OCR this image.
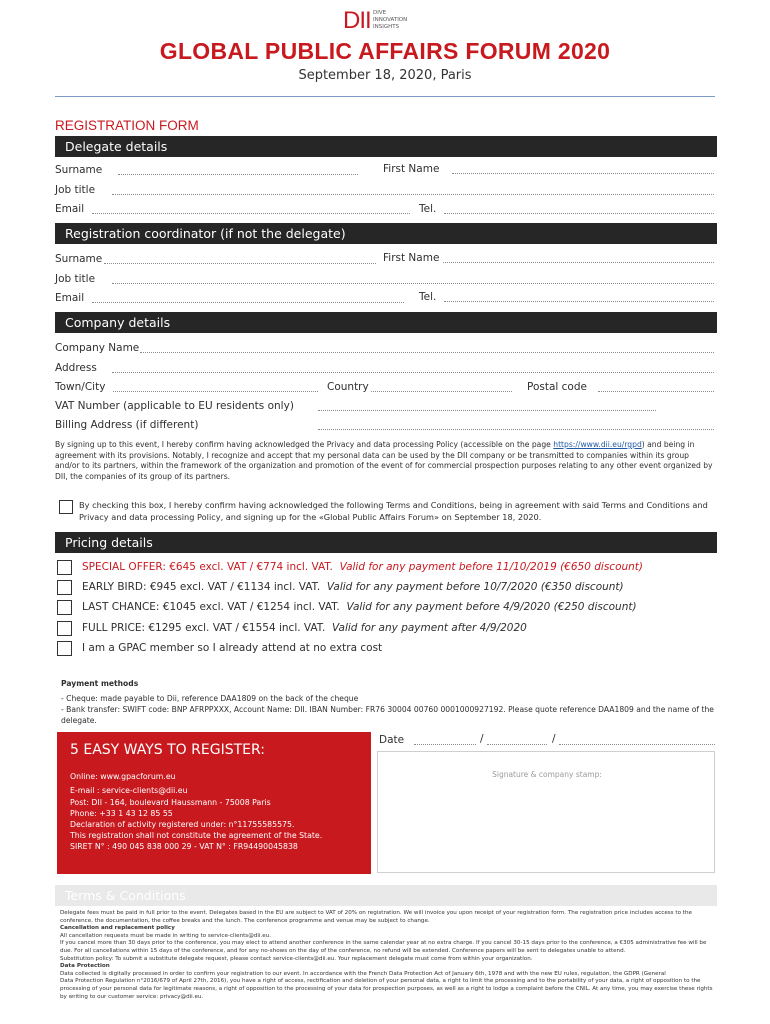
DII DIVE
INNOVATION
INSIGHTS
GLOBAL PUBLIC AFFAIRS FORUM 2020
September 18, 2020, Paris
REGISTRATION FORM
Delegate details
Surname	First Name
Job title
Email	Tel.
Registration coordinator (if not the delegate)
Surname	First Name
Job title
Email	Tel.
Company details
Company Name
Address
Town/City	Country	Postal code
VAT Number (applicable to EU residents only)
Billing Address (if different)
By signing up to this event, I hereby confirm having acknowledged the Privacy and data processing Policy (accessible on the page https://www.dii.eu/rgpd) and being in agreement with its provisions. Notably, I recognize and accept that my personal data can be used by the DII company or be transmitted to companies within its group and/or to its partners, within the framework of the organization and promotion of the event of for commercial prospection purposes relating to any other event organized by DII, the companies of its group of its partners.
By checking this box, I hereby confirm having acknowledged the following Terms and Conditions, being in agreement with said Terms and Conditions and Privacy and data processing Policy, and signing up for the «Global Public Affairs Forum» on September 18, 2020.
Pricing details
SPECIAL OFFER: €645 excl. VAT / €774 incl. VAT. Valid for any payment before 11/10/2019 (€650 discount)
EARLY BIRD: €945 excl. VAT / €1134 incl. VAT. Valid for any payment before 10/7/2020 (€350 discount)
LAST CHANCE: €1045 excl. VAT / €1254 incl. VAT. Valid for any payment before 4/9/2020 (€250 discount)
FULL PRICE: €1295 excl. VAT / €1554 incl. VAT. Valid for any payment after 4/9/2020
I am a GPAC member so I already attend at no extra cost
Payment methods
- Cheque: made payable to Dii, reference DAA1809 on the back of the cheque
- Bank transfer: SWIFT code: BNP AFRPPXXX, Account Name: DII. IBAN Number: FR76 30004 00760 0001000927192. Please quote reference DAA1809 and the name of the delegate.
5 EASY WAYS TO REGISTER:
Online: www.gpacforum.eu
E-mail : service-clients@dii.eu
Post: DII - 164, boulevard Haussmann - 75008 Paris
Phone: +33 1 43 12 85 55
Declaration of activity registered under: n°11755585575.
This registration shall not constitute the agreement of the State.
SIRET N° : 490 045 838 000 29 - VAT N° : FR94490045838
Date	/	/
Signature & company stamp:
Terms & Conditions

Delegate fees must be paid in full prior to the event. Delegates based in the EU are subject to VAT of 20% on registration. We will invoice you upon receipt of your registration form. The registration price includes access to the conference, the documentation, the coffee breaks and the lunch. The conference programme and venue may be subject to change.

Cancellation and replacement policy

All cancellation requests must be made in writing to service-clients@dii.eu.

If you cancel more than 30 days prior to the conference, you may elect to attend another conference in the same calendar year at no extra charge. If you cancel 30-15 days prior to the conference, a €305 administrative fee will be due. For all cancellations within 15 days of the conference, and for any no-shows on the day of the conference, no refund will be extended. Conference papers will be sent to delegates unable to attend.

Substitution policy: To submit a substitute delegate request, please contact service-clients@dii.eu. Your replacement delegate must come from within your organization.

Data Protection

Data collected is digitally processed in order to confirm your registration to our event. In accordance with the French Data Protection Act of January 6th, 1978 and with the new EU rules, regulation, the GDPR (General

Data Protection Regulation n°2016/679 of April 27th, 2016), you have a right of access, rectification and deletion of your personal data, a right to limit the processing and to the portability of your data, a right of opposition to the processing of your personal data for legitimate reasons, a right of opposition to the processing of your data for prospection purposes, as well as a right to lodge a complaint before the CNIL. At any time, you may exercise these rights by writing to our customer service: privacy@dii.eu.
